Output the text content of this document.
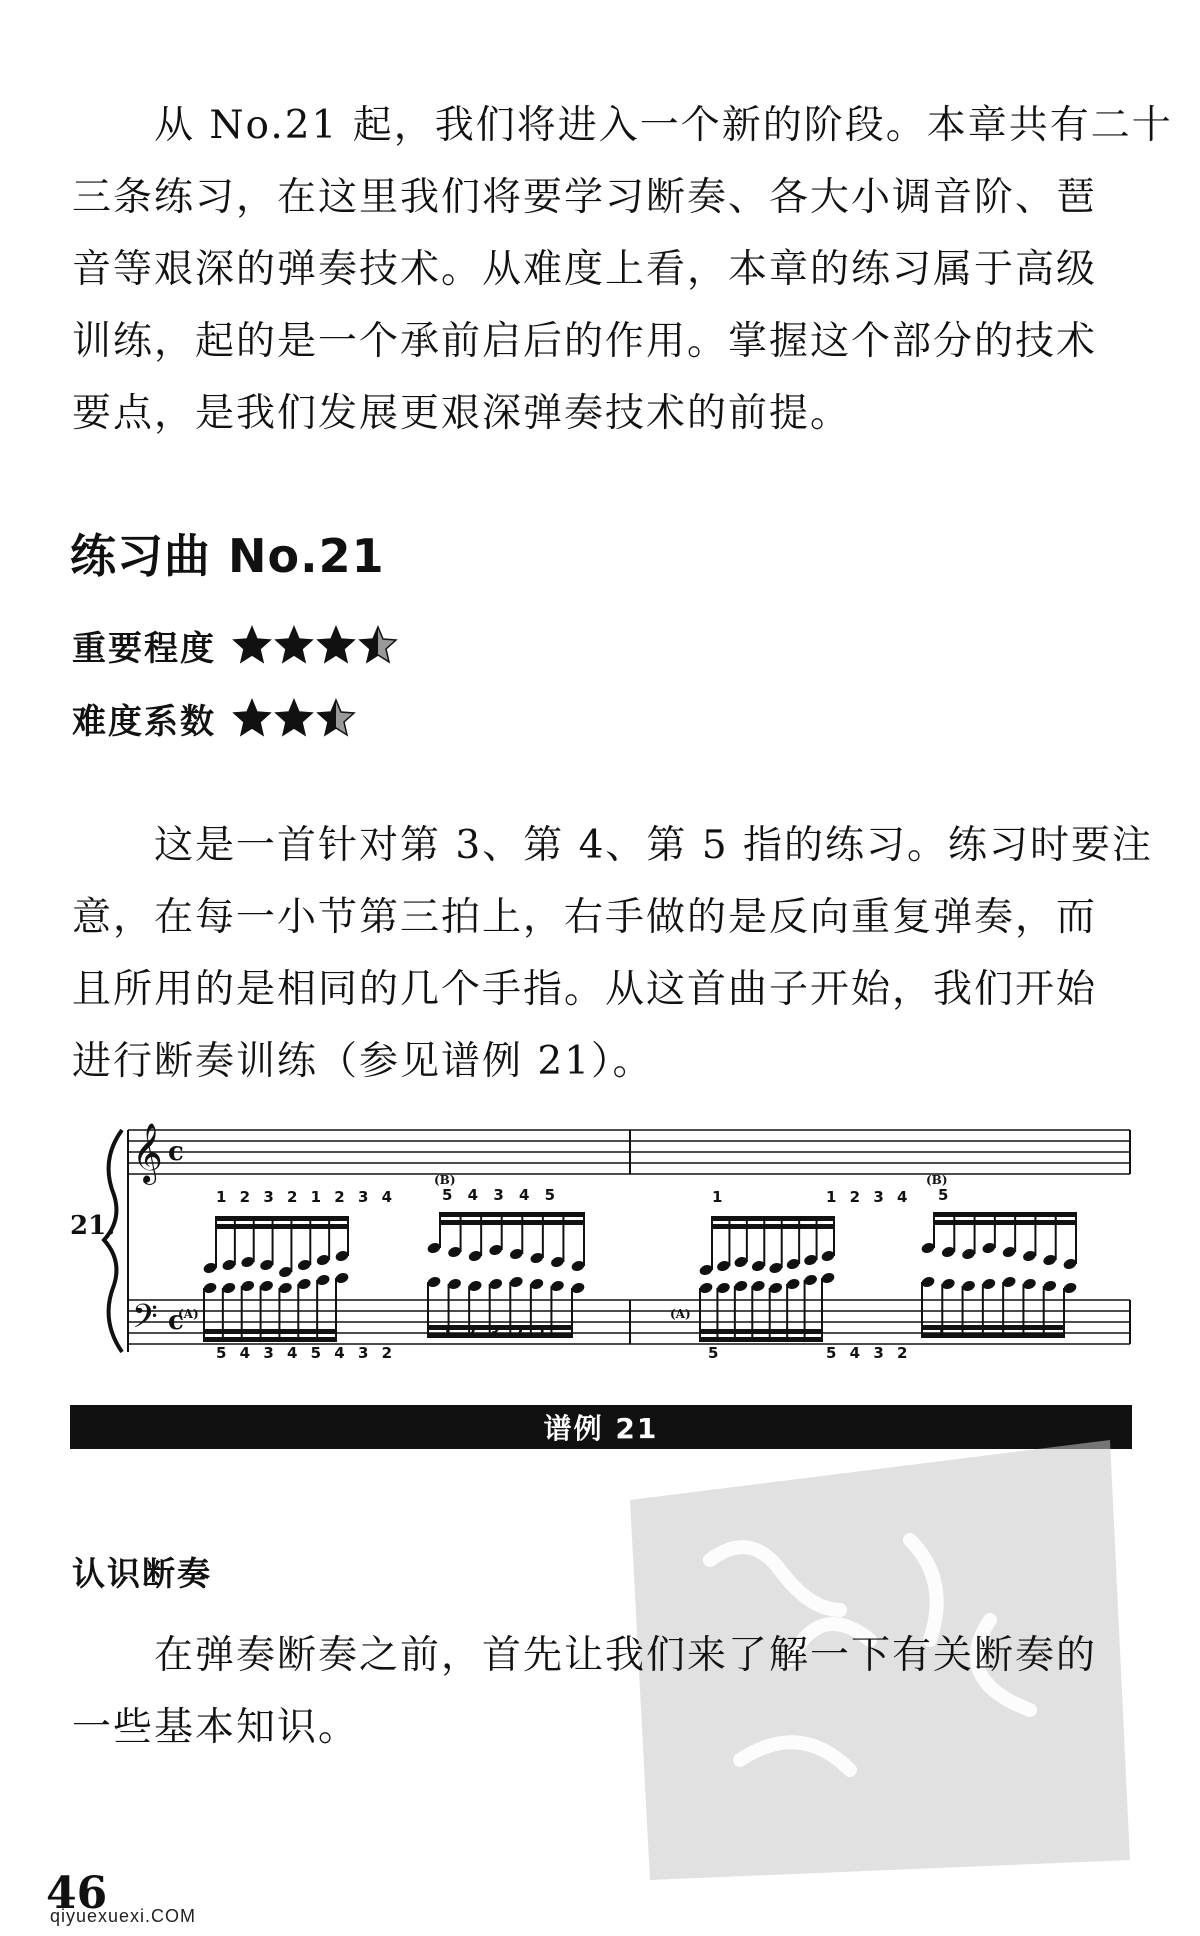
　　从 No.21 起，我们将进入一个新的阶段。本章共有二十
三条练习，在这里我们将要学习断奏、各大小调音阶、琶
音等艰深的弹奏技术。从难度上看，本章的练习属于高级
训练，起的是一个承前启后的作用。掌握这个部分的技术
要点，是我们发展更艰深弹奏技术的前提。
练习曲 No.21
重要程度
难度系数
　　这是一首针对第 3、第 4、第 5 指的练习。练习时要注
意，在每一小节第三拍上，右手做的是反向重复弹奏，而
且所用的是相同的几个手指。从这首曲子开始，我们开始
进行断奏训练（参见谱例 21）。
21.
𝄞
𝄢
c
c
(A)	(A)
(B)	(B)
1 2 3 2 1 2 3 4	5 4 3 4 5
5 4 3 4 5 4 3 2
1	1 2 3 4 5
5	5 4 3 2
谱例 21
认识断奏
　　在弹奏断奏之前，首先让我们来了解一下有关断奏的
一些基本知识。
46
qiyuexuexi.COM
